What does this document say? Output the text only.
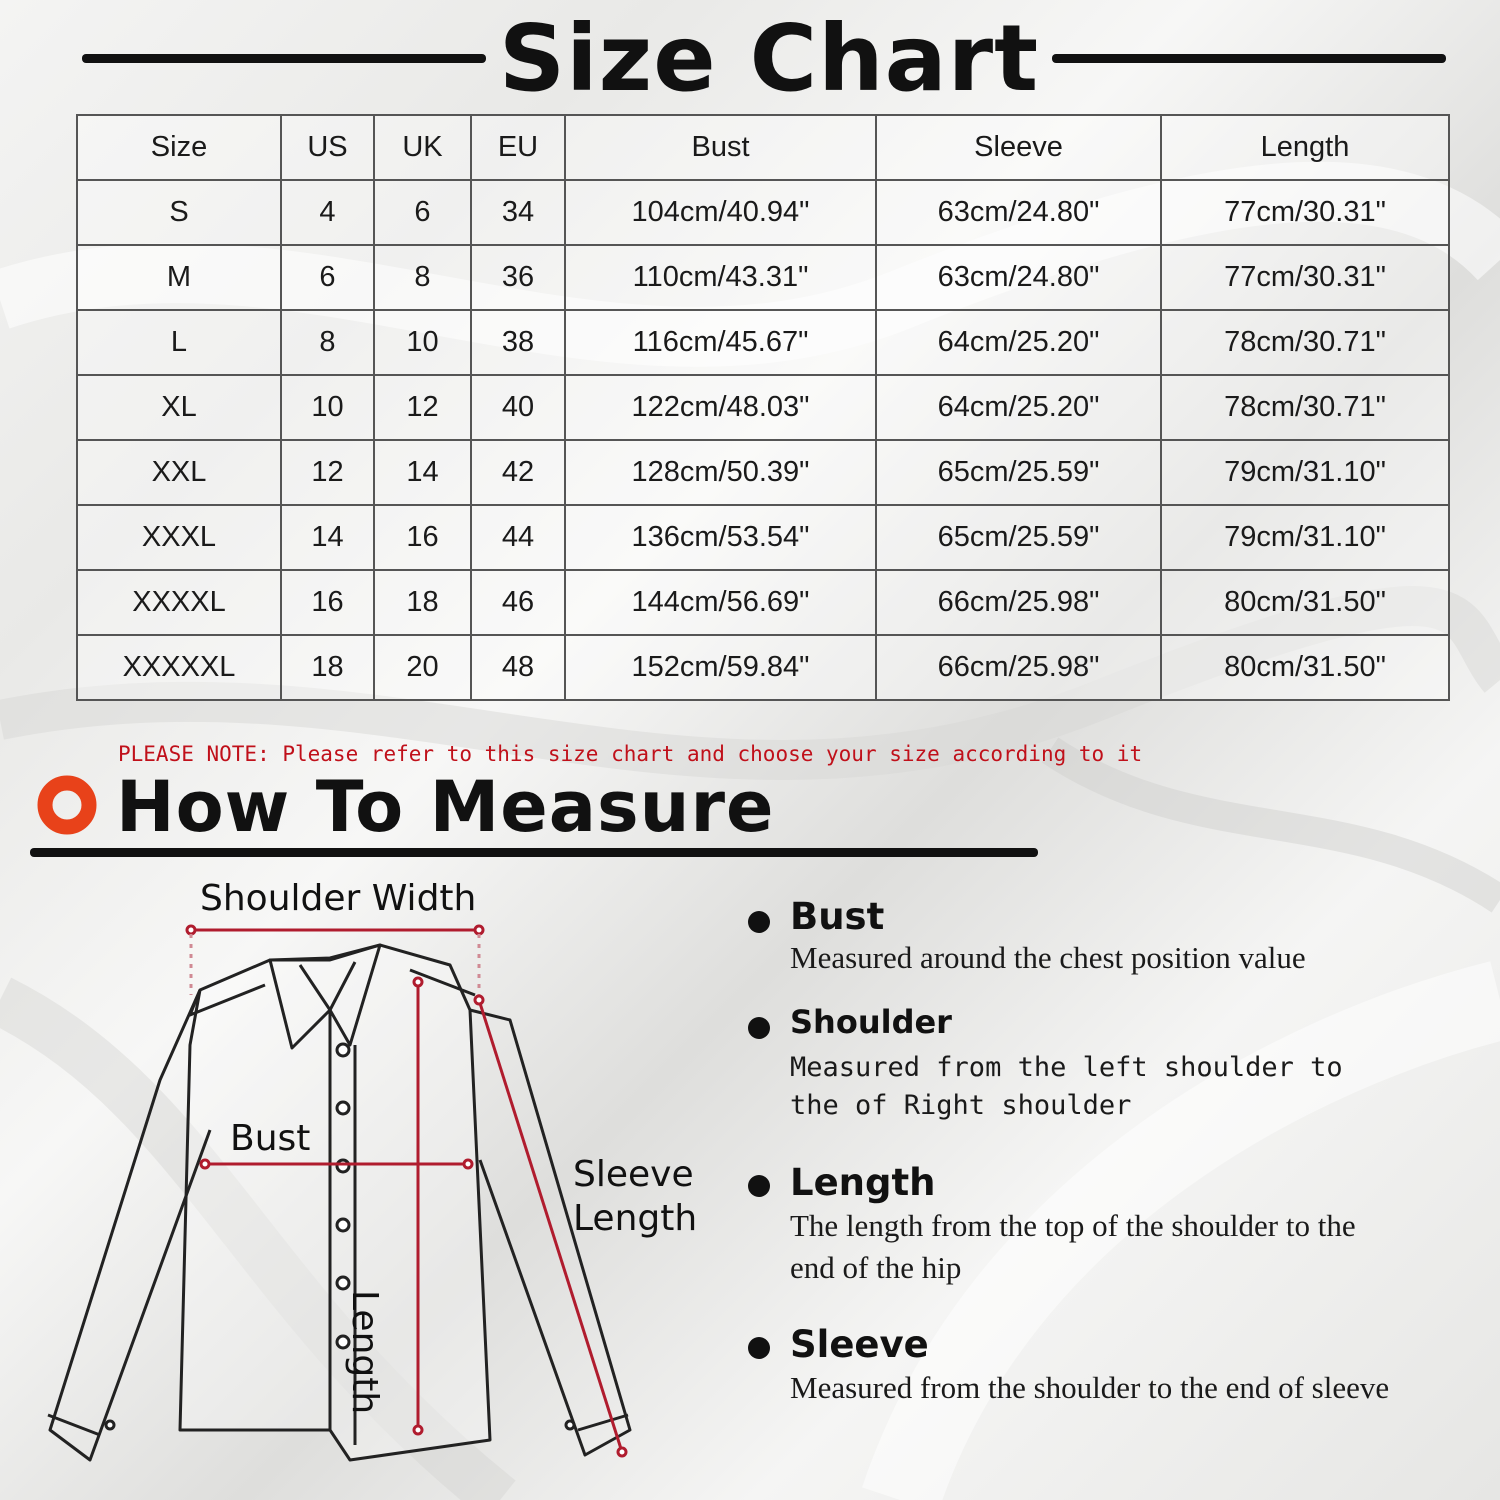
Size Chart
Size	US	UK	EU	Bust	Sleeve	Length
S	4	6	34	104cm/40.94"	63cm/24.80"	77cm/30.31"
M	6	8	36	110cm/43.31"	63cm/24.80"	77cm/30.31"
L	8	10	38	116cm/45.67"	64cm/25.20"	78cm/30.71"
XL	10	12	40	122cm/48.03"	64cm/25.20"	78cm/30.71"
XXL	12	14	42	128cm/50.39"	65cm/25.59"	79cm/31.10"
XXXL	14	16	44	136cm/53.54"	65cm/25.59"	79cm/31.10"
XXXXL	16	18	46	144cm/56.69"	66cm/25.98"	80cm/31.50"
XXXXXL	18	20	48	152cm/59.84"	66cm/25.98"	80cm/31.50"
PLEASE NOTE: Please refer to this size chart and choose your size according to it
How To Measure
Shoulder Width
Bust
Sleeve
Length
Length
Bust
Measured around the chest position value
Shoulder
Measured from the left shoulder to the of Right shoulder
Length
The length from the top of the shoulder to the end of the hip
Sleeve
Measured from the shoulder to the end of sleeve
